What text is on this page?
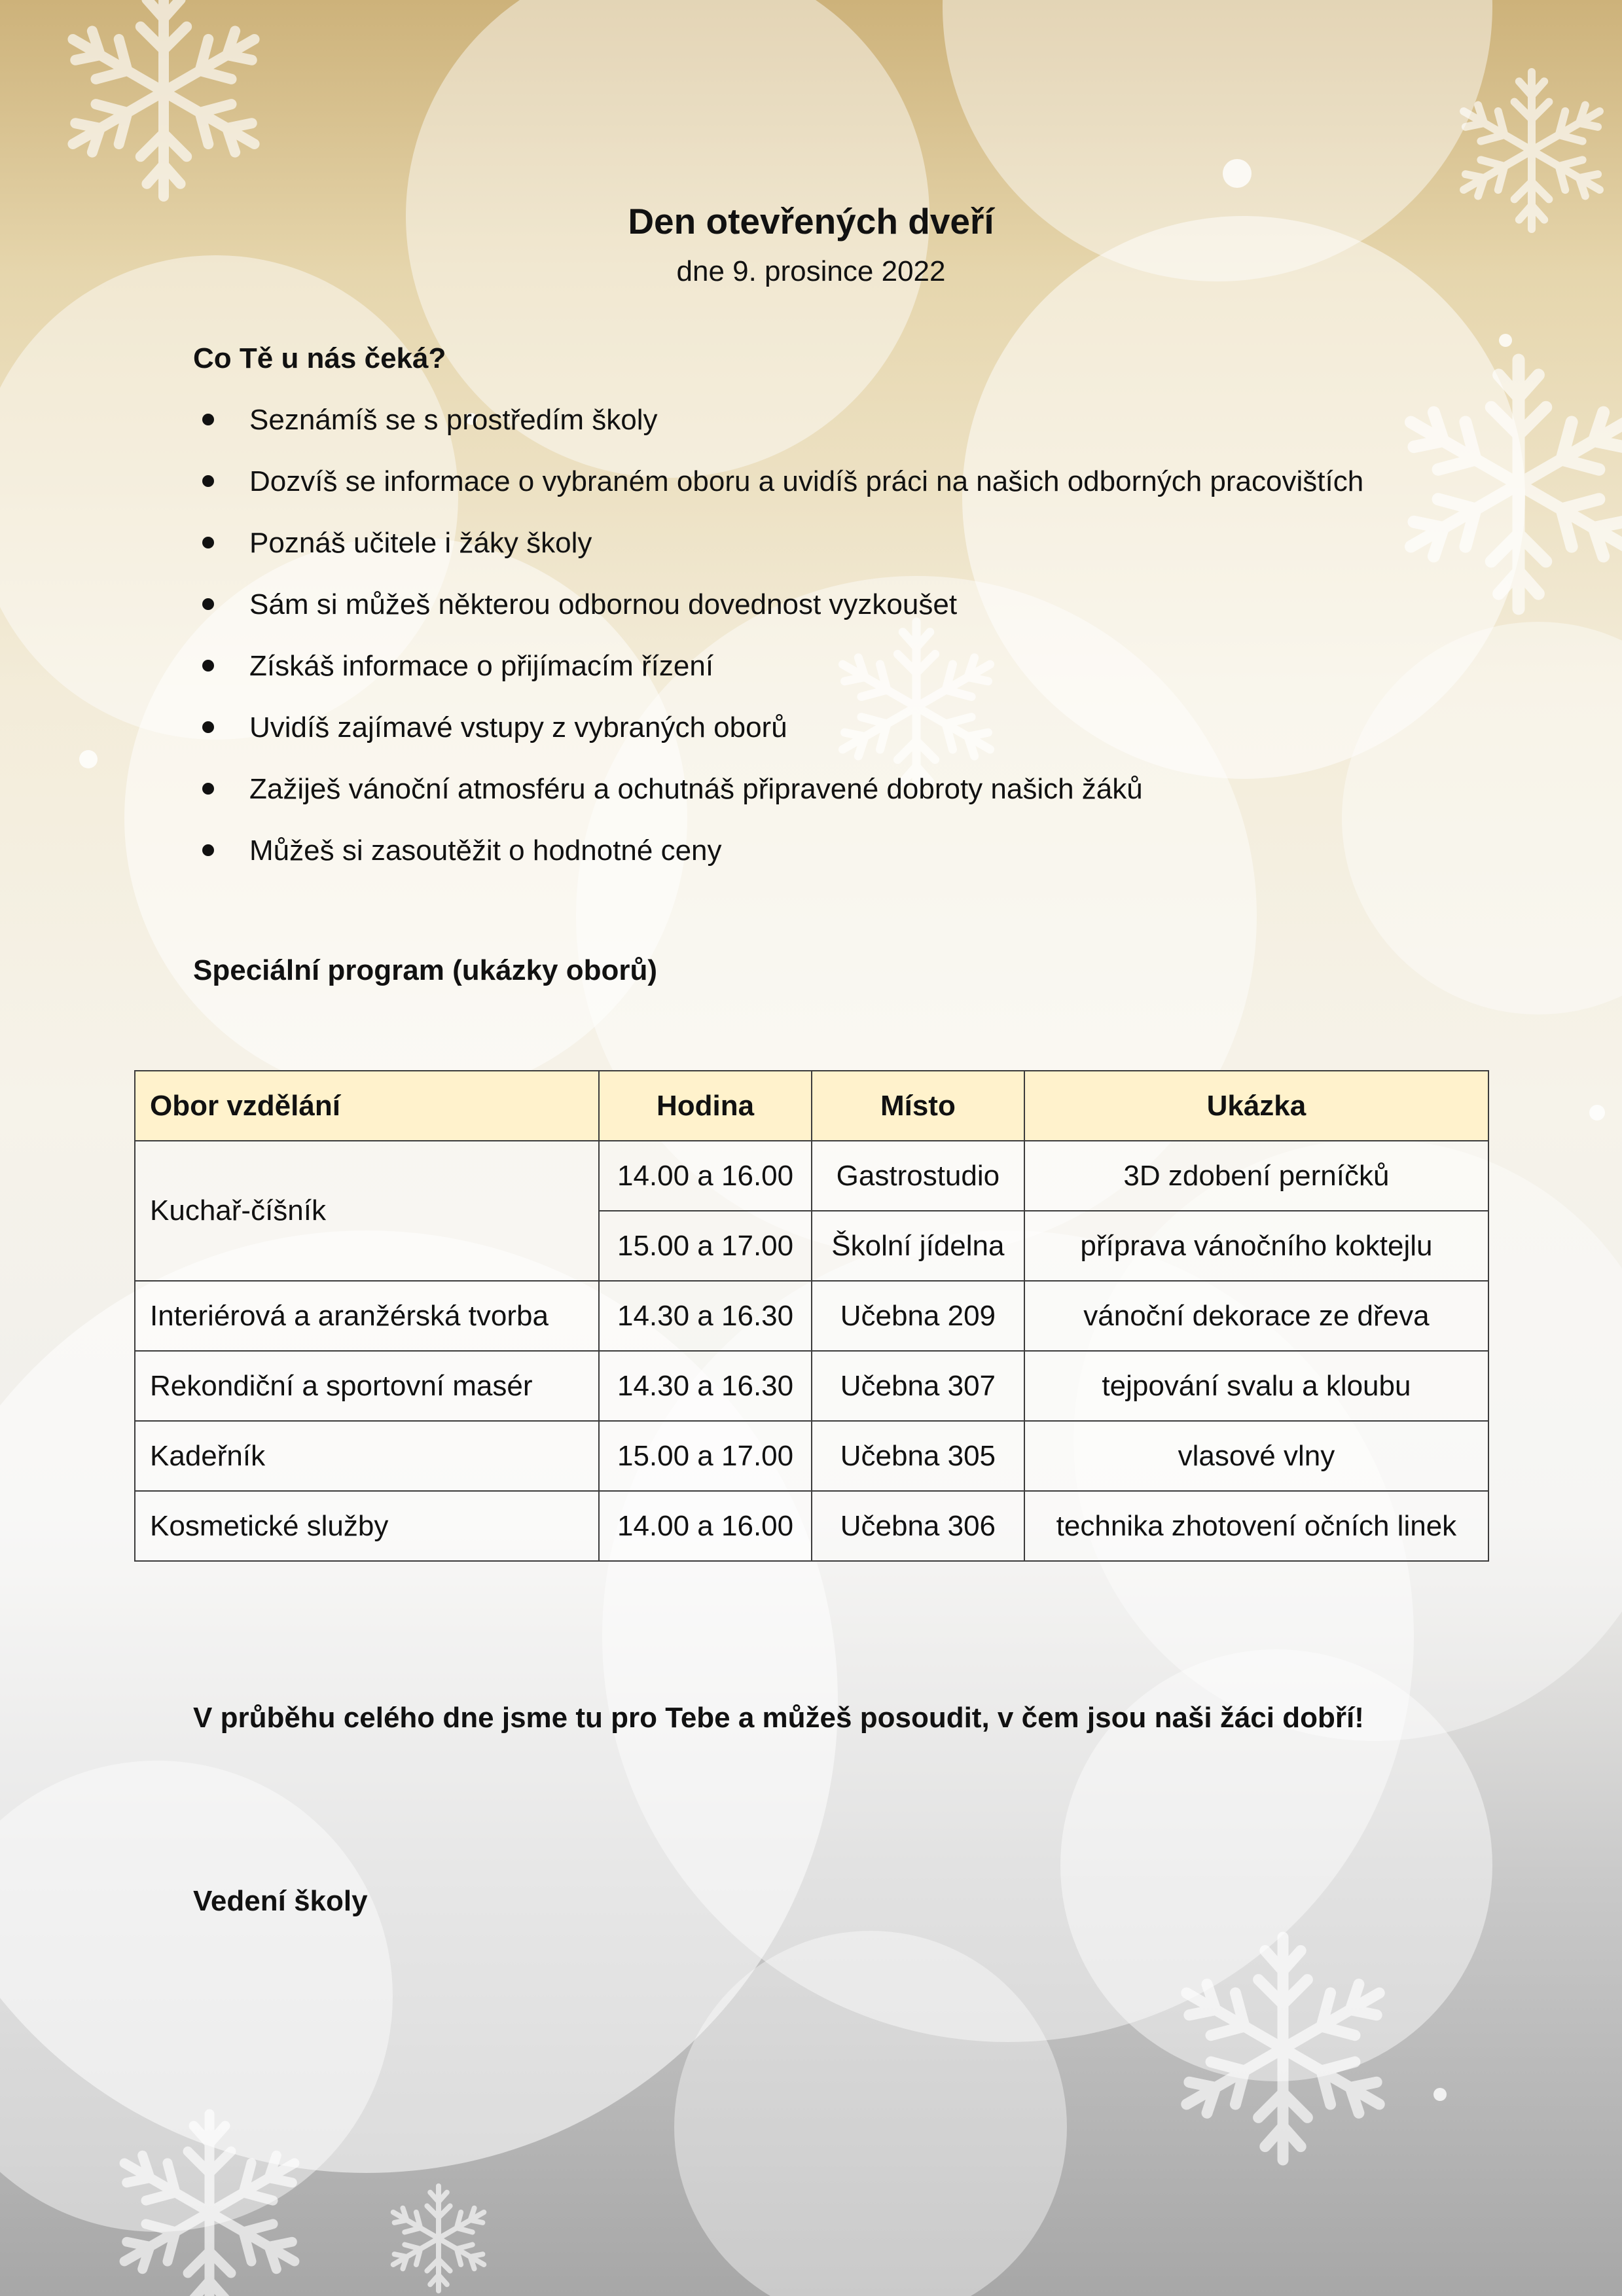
Den otevřených dveří
dne 9. prosince 2022
Co Tě u nás čeká?
Seznámíš se s prostředím školy
Dozvíš se informace o vybraném oboru a uvidíš práci na našich odborných pracovištích
Poznáš učitele i žáky školy
Sám si můžeš některou odbornou dovednost vyzkoušet
Získáš informace o přijímacím řízení
Uvidíš zajímavé vstupy z vybraných oborů
Zažiješ vánoční atmosféru a ochutnáš připravené dobroty našich žáků
Můžeš si zasoutěžit o hodnotné ceny
Speciální program (ukázky oborů)
Obor vzdělání	Hodina	Místo	Ukázka
Kuchař-číšník	14.00 a 16.00	Gastrostudio	3D zdobení perníčků
	15.00 a 17.00	Školní jídelna	příprava vánočního koktejlu
Interiérová a aranžérská tvorba	14.30 a 16.30	Učebna 209	vánoční dekorace ze dřeva
Rekondiční a sportovní masér	14.30 a 16.30	Učebna 307	tejpování svalu a kloubu
Kadeřník	15.00 a 17.00	Učebna 305	vlasové vlny
Kosmetické služby	14.00 a 16.00	Učebna 306	technika zhotovení očních linek
V průběhu celého dne jsme tu pro Tebe a můžeš posoudit, v čem jsou naši žáci dobří!
Vedení školy
